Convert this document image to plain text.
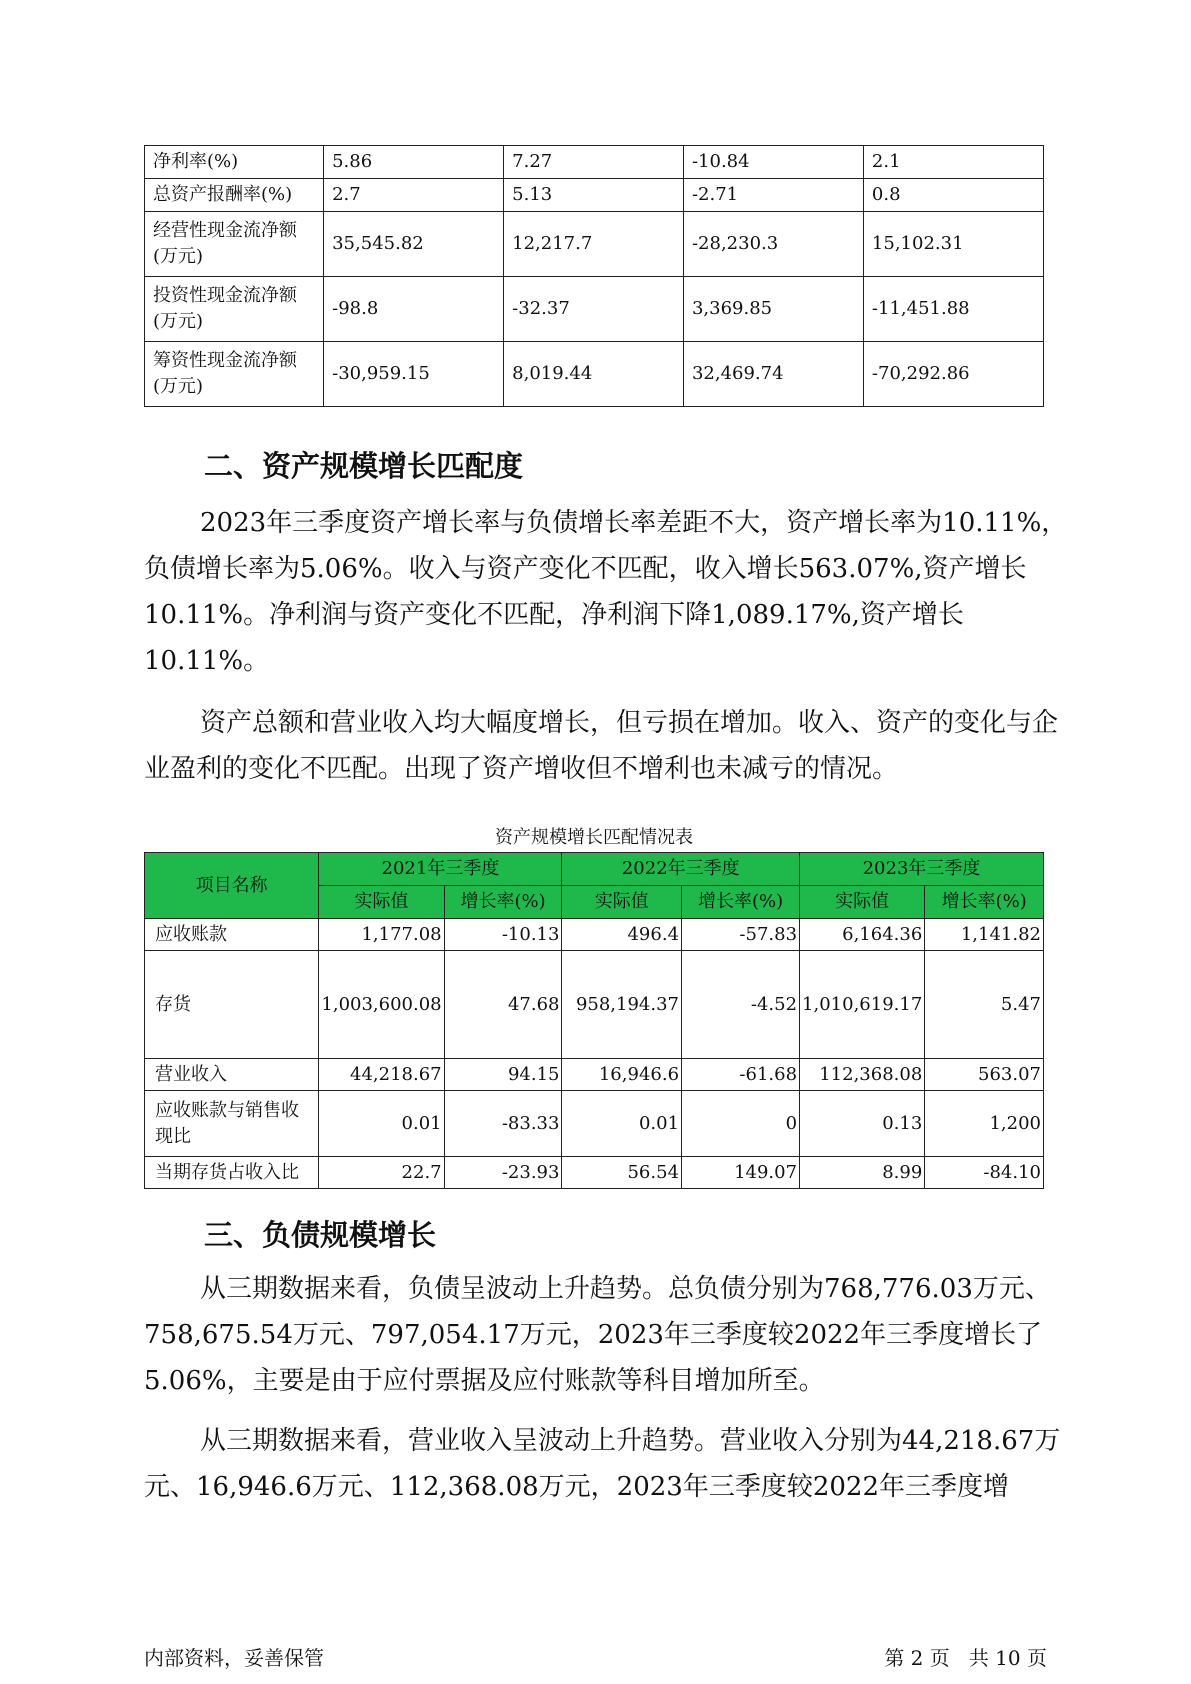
净利率(%)	5.86	7.27	-10.84	2.1
总资产报酬率(%)	2.7	5.13	-2.71	0.8
经营性现金流净额(万元)	35,545.82	12,217.7	-28,230.3	15,102.31
投资性现金流净额(万元)	-98.8	-32.37	3,369.85	-11,451.88
筹资性现金流净额(万元)	-30,959.15	8,019.44	32,469.74	-70,292.86
二、资产规模增长匹配度

2023年三季度资产增长率与负债增长率差距不大，资产增长率为10.11%，负债增长率为5.06%。收入与资产变化不匹配，收入增长563.07%,资产增长10.11%。净利润与资产变化不匹配，净利润下降1,089.17%,资产增长10.11%。

资产总额和营业收入均大幅度增长，但亏损在增加。收入、资产的变化与企业盈利的变化不匹配。出现了资产增收但不增利也未减亏的情况。

资产规模增长匹配情况表
项目名称	2021年三季度		2022年三季度		2023年三季度	
	实际值	增长率(%)	实际值	增长率(%)	实际值	增长率(%)
应收账款	1,177.08	-10.13	496.4	-57.83	6,164.36	1,141.82
存货	1,003,600.08	47.68	958,194.37	-4.52	1,010,619.17	5.47
营业收入	44,218.67	94.15	16,946.6	-61.68	112,368.08	563.07
应收账款与销售收现比	0.01	-83.33	0.01	0	0.13	1,200
当期存货占收入比	22.7	-23.93	56.54	149.07	8.99	-84.10
三、负债规模增长

从三期数据来看，负债呈波动上升趋势。总负债分别为768,776.03万元、758,675.54万元、797,054.17万元，2023年三季度较2022年三季度增长了5.06%，主要是由于应付票据及应付账款等科目增加所至。

从三期数据来看，营业收入呈波动上升趋势。营业收入分别为44,218.67万元、16,946.6万元、112,368.08万元，2023年三季度较2022年三季度增

内部资料，妥善保管	第 2 页   共 10 页
